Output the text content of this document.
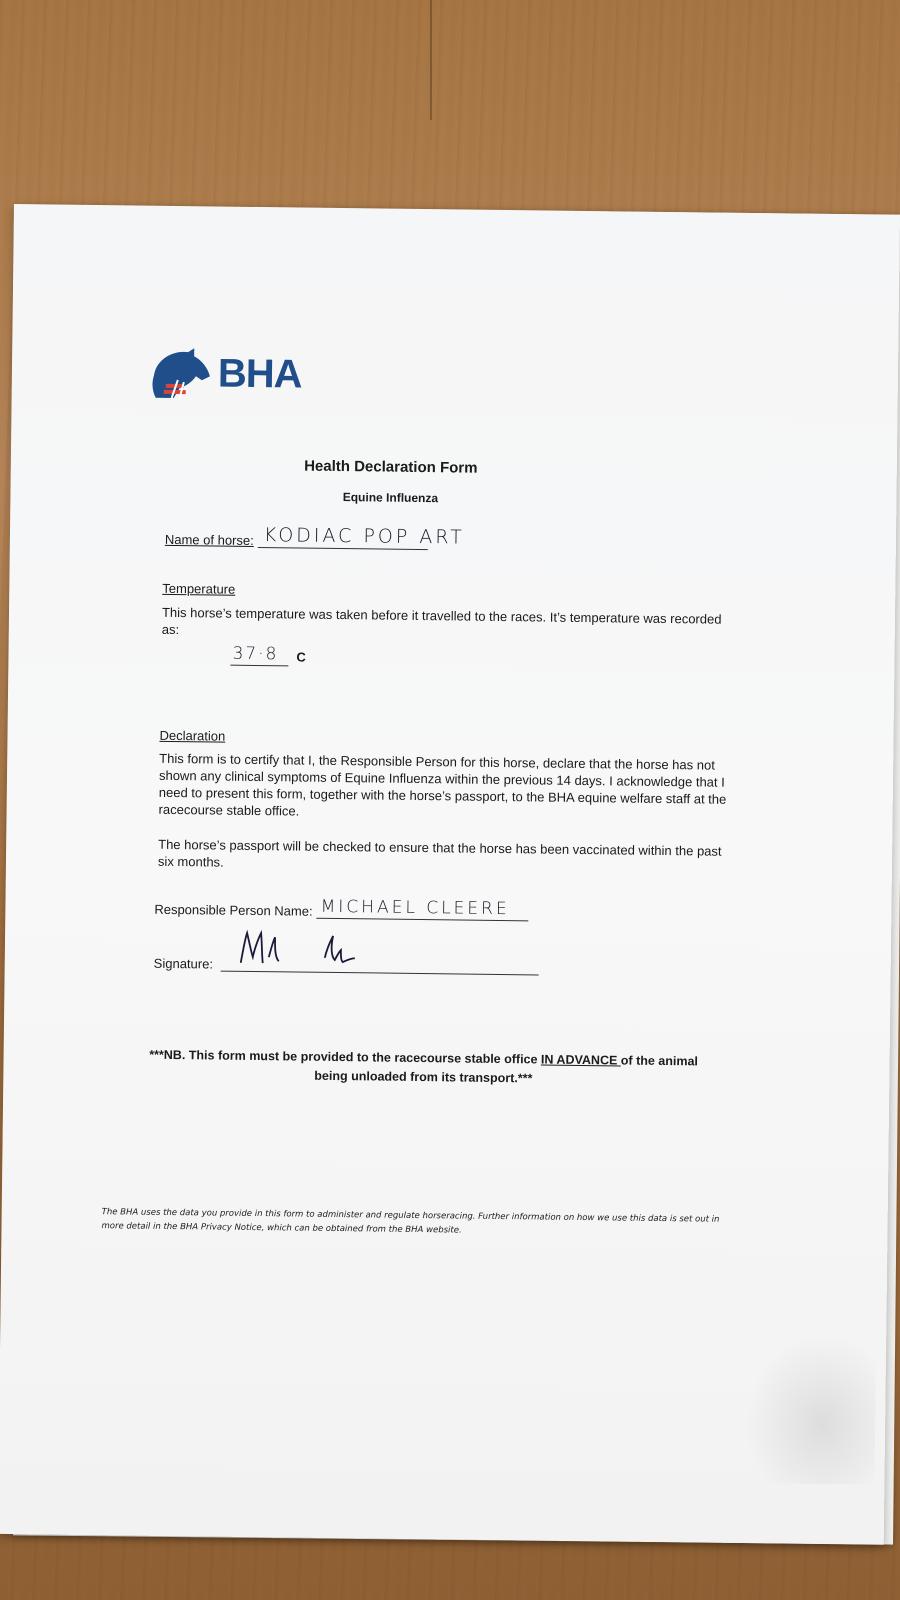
BHA
Health Declaration Form
Equine Influenza
Name of horse: KODIAC POP ART
Temperature
This horse’s temperature was taken before it travelled to the races. It’s temperature was recorded as:
37·8 C
Declaration
This form is to certify that I, the Responsible Person for this horse, declare that the horse has not shown any clinical symptoms of Equine Influenza within the previous 14 days. I acknowledge that I need to present this form, together with the horse’s passport, to the BHA equine welfare staff at the racecourse stable office.
The horse’s passport will be checked to ensure that the horse has been vaccinated within the past six months.
Responsible Person Name: MICHAEL CLEERE
Signature:
***NB. This form must be provided to the racecourse stable office IN ADVANCE of the animal being unloaded from its transport.***
The BHA uses the data you provide in this form to administer and regulate horseracing. Further information on how we use this data is set out in more detail in the BHA Privacy Notice, which can be obtained from the BHA website.
